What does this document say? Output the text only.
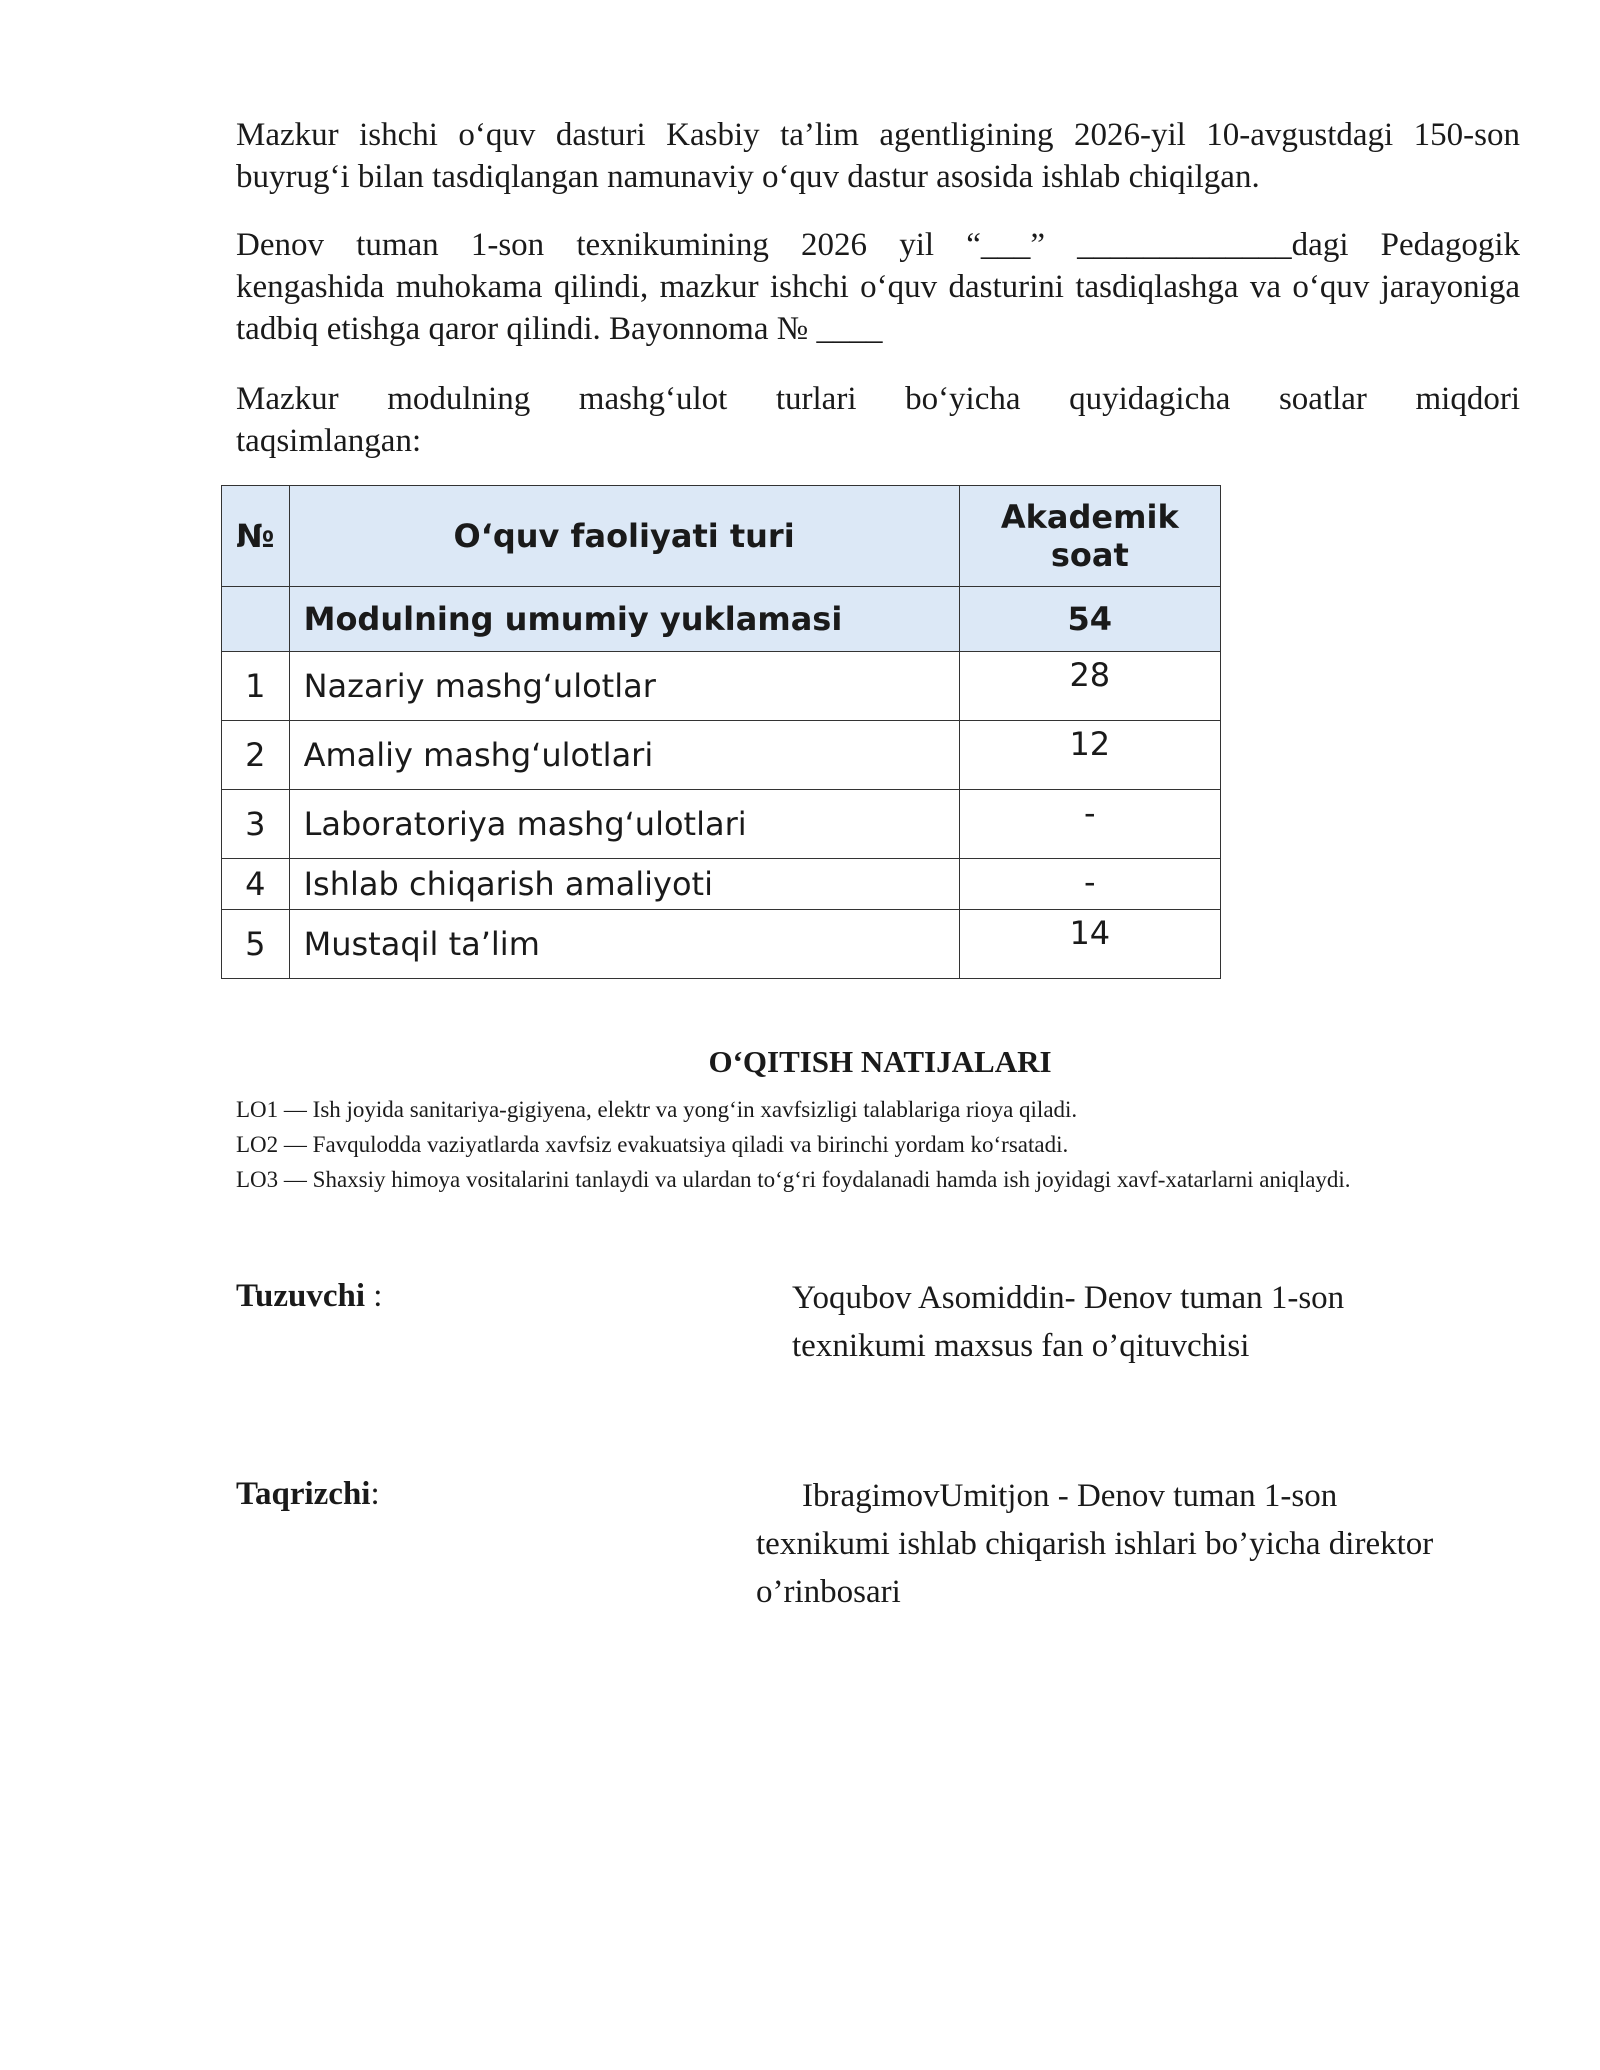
Mazkur ishchi o‘quv dasturi Kasbiy ta’lim agentligining 2026-yil 10-avgustdagi 150-son buyrug‘i bilan tasdiqlangan namunaviy o‘quv dastur asosida ishlab chiqilgan.

Denov tuman 1-son texnikumining 2026 yil “___” _____________dagi Pedagogik
kengashida muhokama qilindi, mazkur ishchi o‘quv dasturini tasdiqlashga va o‘quv jarayoniga tadbiq etishga qaror qilindi. Bayonnoma № ____

Mazkur modulning mashg‘ulot turlari bo‘yicha quyidagicha soatlar miqdori
taqsimlangan:

№	O‘quv faoliyati turi	Akademik soat
	Modulning umumiy yuklamasi	54
1	Nazariy mashg‘ulotlar	28
2	Amaliy mashg‘ulotlari	12
3	Laboratoriya mashg‘ulotlari	-
4	Ishlab chiqarish amaliyoti	-
5	Mustaqil ta’lim	14
O‘QITISH NATIJALARI
LO1 — Ish joyida sanitariya-gigiyena, elektr va yong‘in xavfsizligi talablariga rioya qiladi.
LO2 — Favqulodda vaziyatlarda xavfsiz evakuatsiya qiladi va birinchi yordam ko‘rsatadi.
LO3 — Shaxsiy himoya vositalarini tanlaydi va ulardan to‘g‘ri foydalanadi hamda ish joyidagi xavf-xatarlarni aniqlaydi.
Tuzuvchi :	Yoqubov Asomiddin- Denov tuman 1-son
texnikumi maxsus fan o’qituvchisi
Taqrizchi:	IbragimovUmitjon - Denov tuman 1-son
texnikumi ishlab chiqarish ishlari bo’yicha direktor
o’rinbosari
